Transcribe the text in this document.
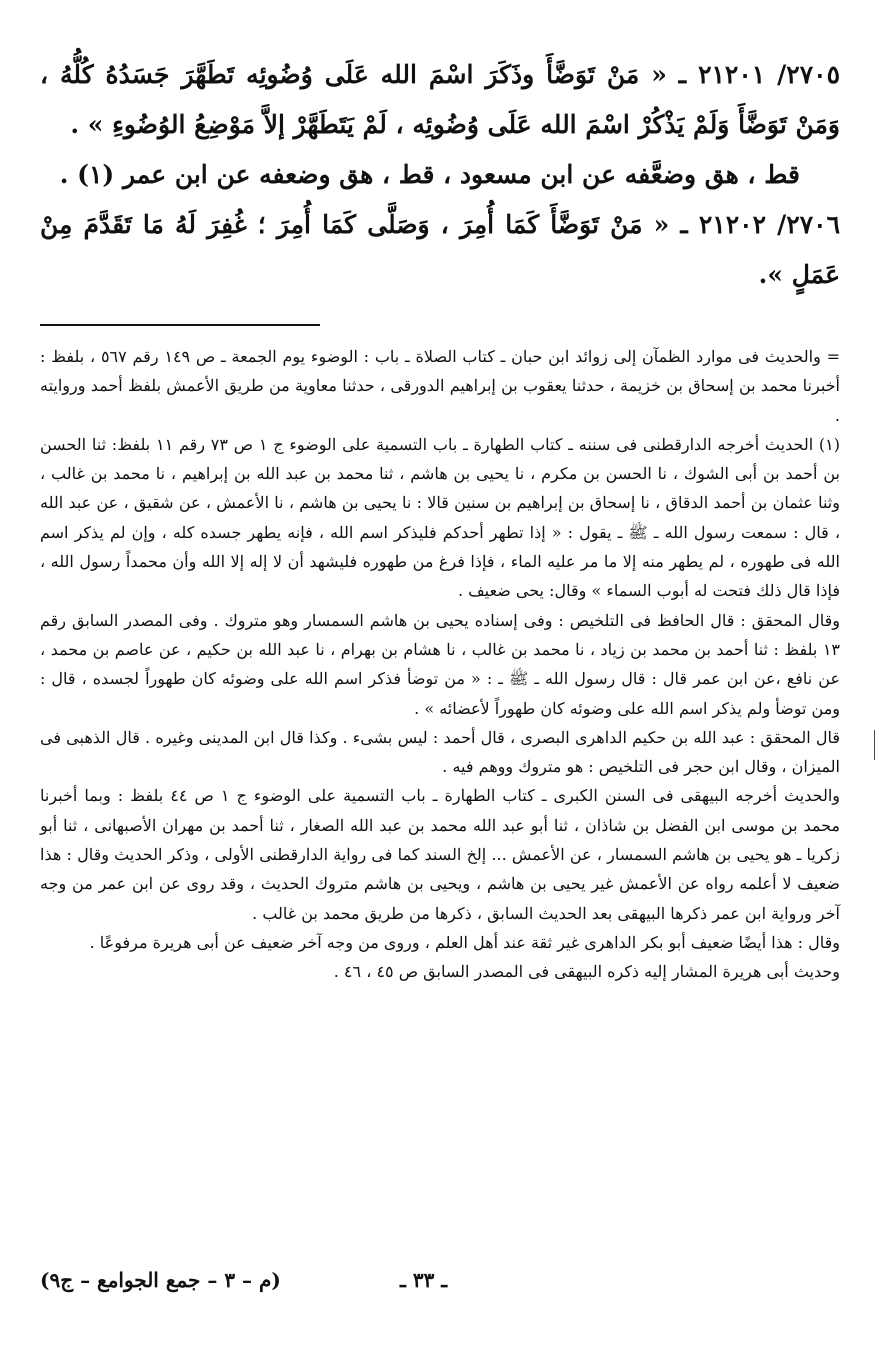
٢٧٠٥/ ٢١٢٠١ ـ « مَنْ تَوَضَّأَ وذَكَرَ اسْمَ الله عَلَى وُضُوئِه تَطَهَّرَ جَسَدُهُ كُلُّهُ ، وَمَنْ تَوَضَّأَ وَلَمْ يَذْكُرْ اسْمَ الله عَلَى وُضُوئِه ، لَمْ يَتَطَهَّرْ إلاَّ مَوْضِعُ الوُضُوءِ » .

قط ، هق وضعَّفه عن ابن مسعود ، قط ، هق وضعفه عن ابن عمر (١) .

٢٧٠٦/ ٢١٢٠٢ ـ « مَنْ تَوَضَّأَ كَمَا أُمِرَ ، وَصَلَّى كَمَا أُمِرَ ؛ غُفِرَ لَهُ مَا تَقَدَّمَ مِنْ عَمَلٍ ».

= والحديث فى موارد الظمآن إلى زوائد ابن حبان ـ كتاب الصلاة ـ باب : الوضوء يوم الجمعة ـ ص ١٤٩ رقم ٥٦٧ ، بلفظ : أخبرنا محمد بن إسحاق بن خزيمة ، حدثنا يعقوب بن إبراهيم الدورقى ، حدثنا معاوية من طريق الأعمش بلفظ أحمد وروايته .

(١) الحديث أخرجه الدارقطنى فى سننه ـ كتاب الطهارة ـ باب التسمية على الوضوء ج ١ ص ٧٣ رقم ١١ بلفظ: ثنا الحسن بن أحمد بن أبى الشوك ، نا الحسن بن مكرم ، نا يحيى بن هاشم ، ثنا محمد بن عبد الله بن إبراهيم ، نا محمد بن غالب ، وثنا عثمان بن أحمد الدقاق ، نا إسحاق بن إبراهيم بن سنين قالا : نا يحيى بن هاشم ، نا الأعمش ، عن شقيق ، عن عبد الله ، قال : سمعت رسول الله ـ ﷺ ـ يقول : « إذا تطهر أحدكم فليذكر اسم الله ، فإنه يطهر جسده كله ، وإن لم يذكر اسم الله فى طهوره ، لم يطهر منه إلا ما مر عليه الماء ، فإذا فرغ من طهوره فليشهد أن لا إله إلا الله وأن محمداً رسول الله ، فإذا قال ذلك فتحت له أبوب السماء » وقال: يحى ضعيف .

وقال المحقق : قال الحافظ فى التلخيص : وفى إسناده يحيى بن هاشم السمسار وهو متروك . وفى المصدر السابق رقم ١٣ بلفظ : ثنا أحمد بن محمد بن زياد ، نا محمد بن غالب ، نا هشام بن بهرام ، نا عبد الله بن حكيم ، عن عاصم بن محمد ، عن نافع ،عن ابن عمر قال : قال رسول الله ـ ﷺ ـ : « من توضأ فذكر اسم الله على وضوئه كان طهوراً لجسده ، قال : ومن توضأ ولم يذكر اسم الله على وضوئه كان طهوراً لأعضائه » .

قال المحقق : عبد الله بن حكيم الداهرى البصرى ، قال أحمد : ليس بشىء . وكذا قال ابن المدينى وغيره . قال الذهبى فى الميزان ، وقال ابن حجر فى التلخيص : هو متروك ووهم فيه .

والحديث أخرجه البيهقى فى السنن الكبرى ـ كتاب الطهارة ـ باب التسمية على الوضوء ج ١ ص ٤٤ بلفظ : وبما أخبرنا محمد بن موسى ابن الفضل بن شاذان ، ثنا أبو عبد الله محمد بن عبد الله الصغار ، ثنا أحمد بن مهران الأصبهانى ، ثنا أبو زكريا ـ هو يحيى بن هاشم السمسار ، عن الأعمش ... إلخ السند كما فى رواية الدارقطنى الأولى ، وذكر الحديث وقال : هذا ضعيف لا أعلمه رواه عن الأعمش غير يحيى بن هاشم ، ويحيى بن هاشم متروك الحديث ، وقد روى عن ابن عمر من وجه آخر ورواية ابن عمر ذكرها البيهقى بعد الحديث السابق ، ذكرها من طريق محمد بن غالب .

وقال : هذا أيضًا ضعيف أبو بكر الداهرى غير ثقة عند أهل العلم ، وروى من وجه آخر ضعيف عن أبى هريرة مرفوعًا .

وحديث أبى هريرة المشار إليه ذكره البيهقى فى المصدر السابق ص ٤٥ ، ٤٦ .

(م – ٣ – جمع الجوامع – ج٩)	ـ ٣٣ ـ
